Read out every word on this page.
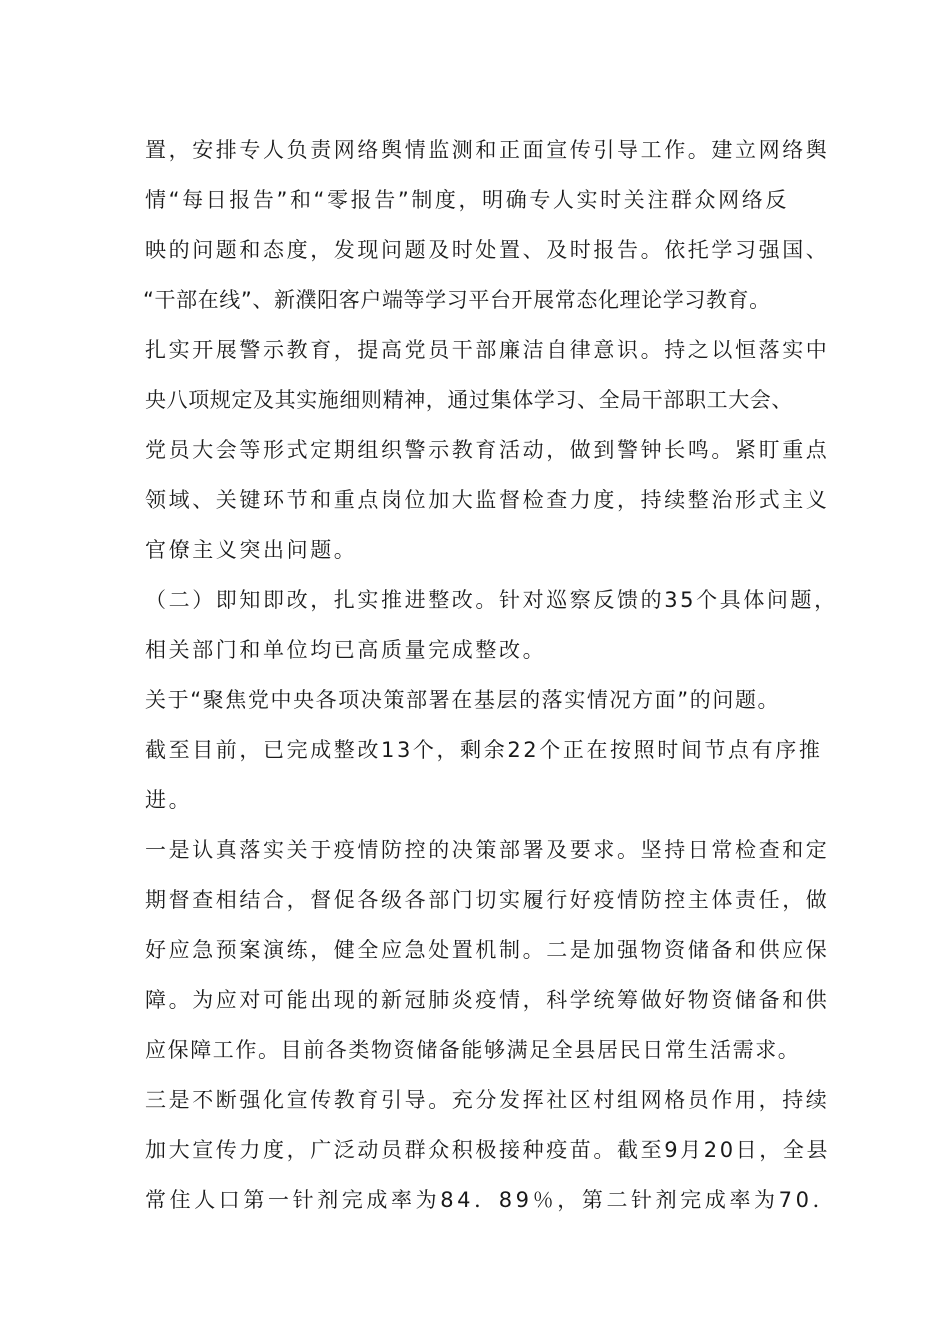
置，安排专人负责网络舆情监测和正面宣传引导工作。建立网络舆
情“每日报告”和“零报告”制度，明确专人实时关注群众网络反
映的问题和态度，发现问题及时处置、及时报告。依托学习强国、
“干部在线”、新濮阳客户端等学习平台开展常态化理论学习教育。
扎实开展警示教育，提高党员干部廉洁自律意识。持之以恒落实中
央八项规定及其实施细则精神，通过集体学习、全局干部职工大会、
党员大会等形式定期组织警示教育活动，做到警钟长鸣。紧盯重点
领域、关键环节和重点岗位加大监督检查力度，持续整治形式主义
官僚主义突出问题。
（二）即知即改，扎实推进整改。针对巡察反馈的35个具体问题，
相关部门和单位均已高质量完成整改。
关于“聚焦党中央各项决策部署在基层的落实情况方面”的问题。
截至目前，已完成整改13个，剩余22个正在按照时间节点有序推
进。
一是认真落实关于疫情防控的决策部署及要求。坚持日常检查和定
期督查相结合，督促各级各部门切实履行好疫情防控主体责任，做
好应急预案演练，健全应急处置机制。二是加强物资储备和供应保
障。为应对可能出现的新冠肺炎疫情，科学统筹做好物资储备和供
应保障工作。目前各类物资储备能够满足全县居民日常生活需求。
三是不断强化宣传教育引导。充分发挥社区村组网格员作用，持续
加大宣传力度，广泛动员群众积极接种疫苗。截至9月20日，全县
常住人口第一针剂完成率为84．89％，第二针剂完成率为70．
